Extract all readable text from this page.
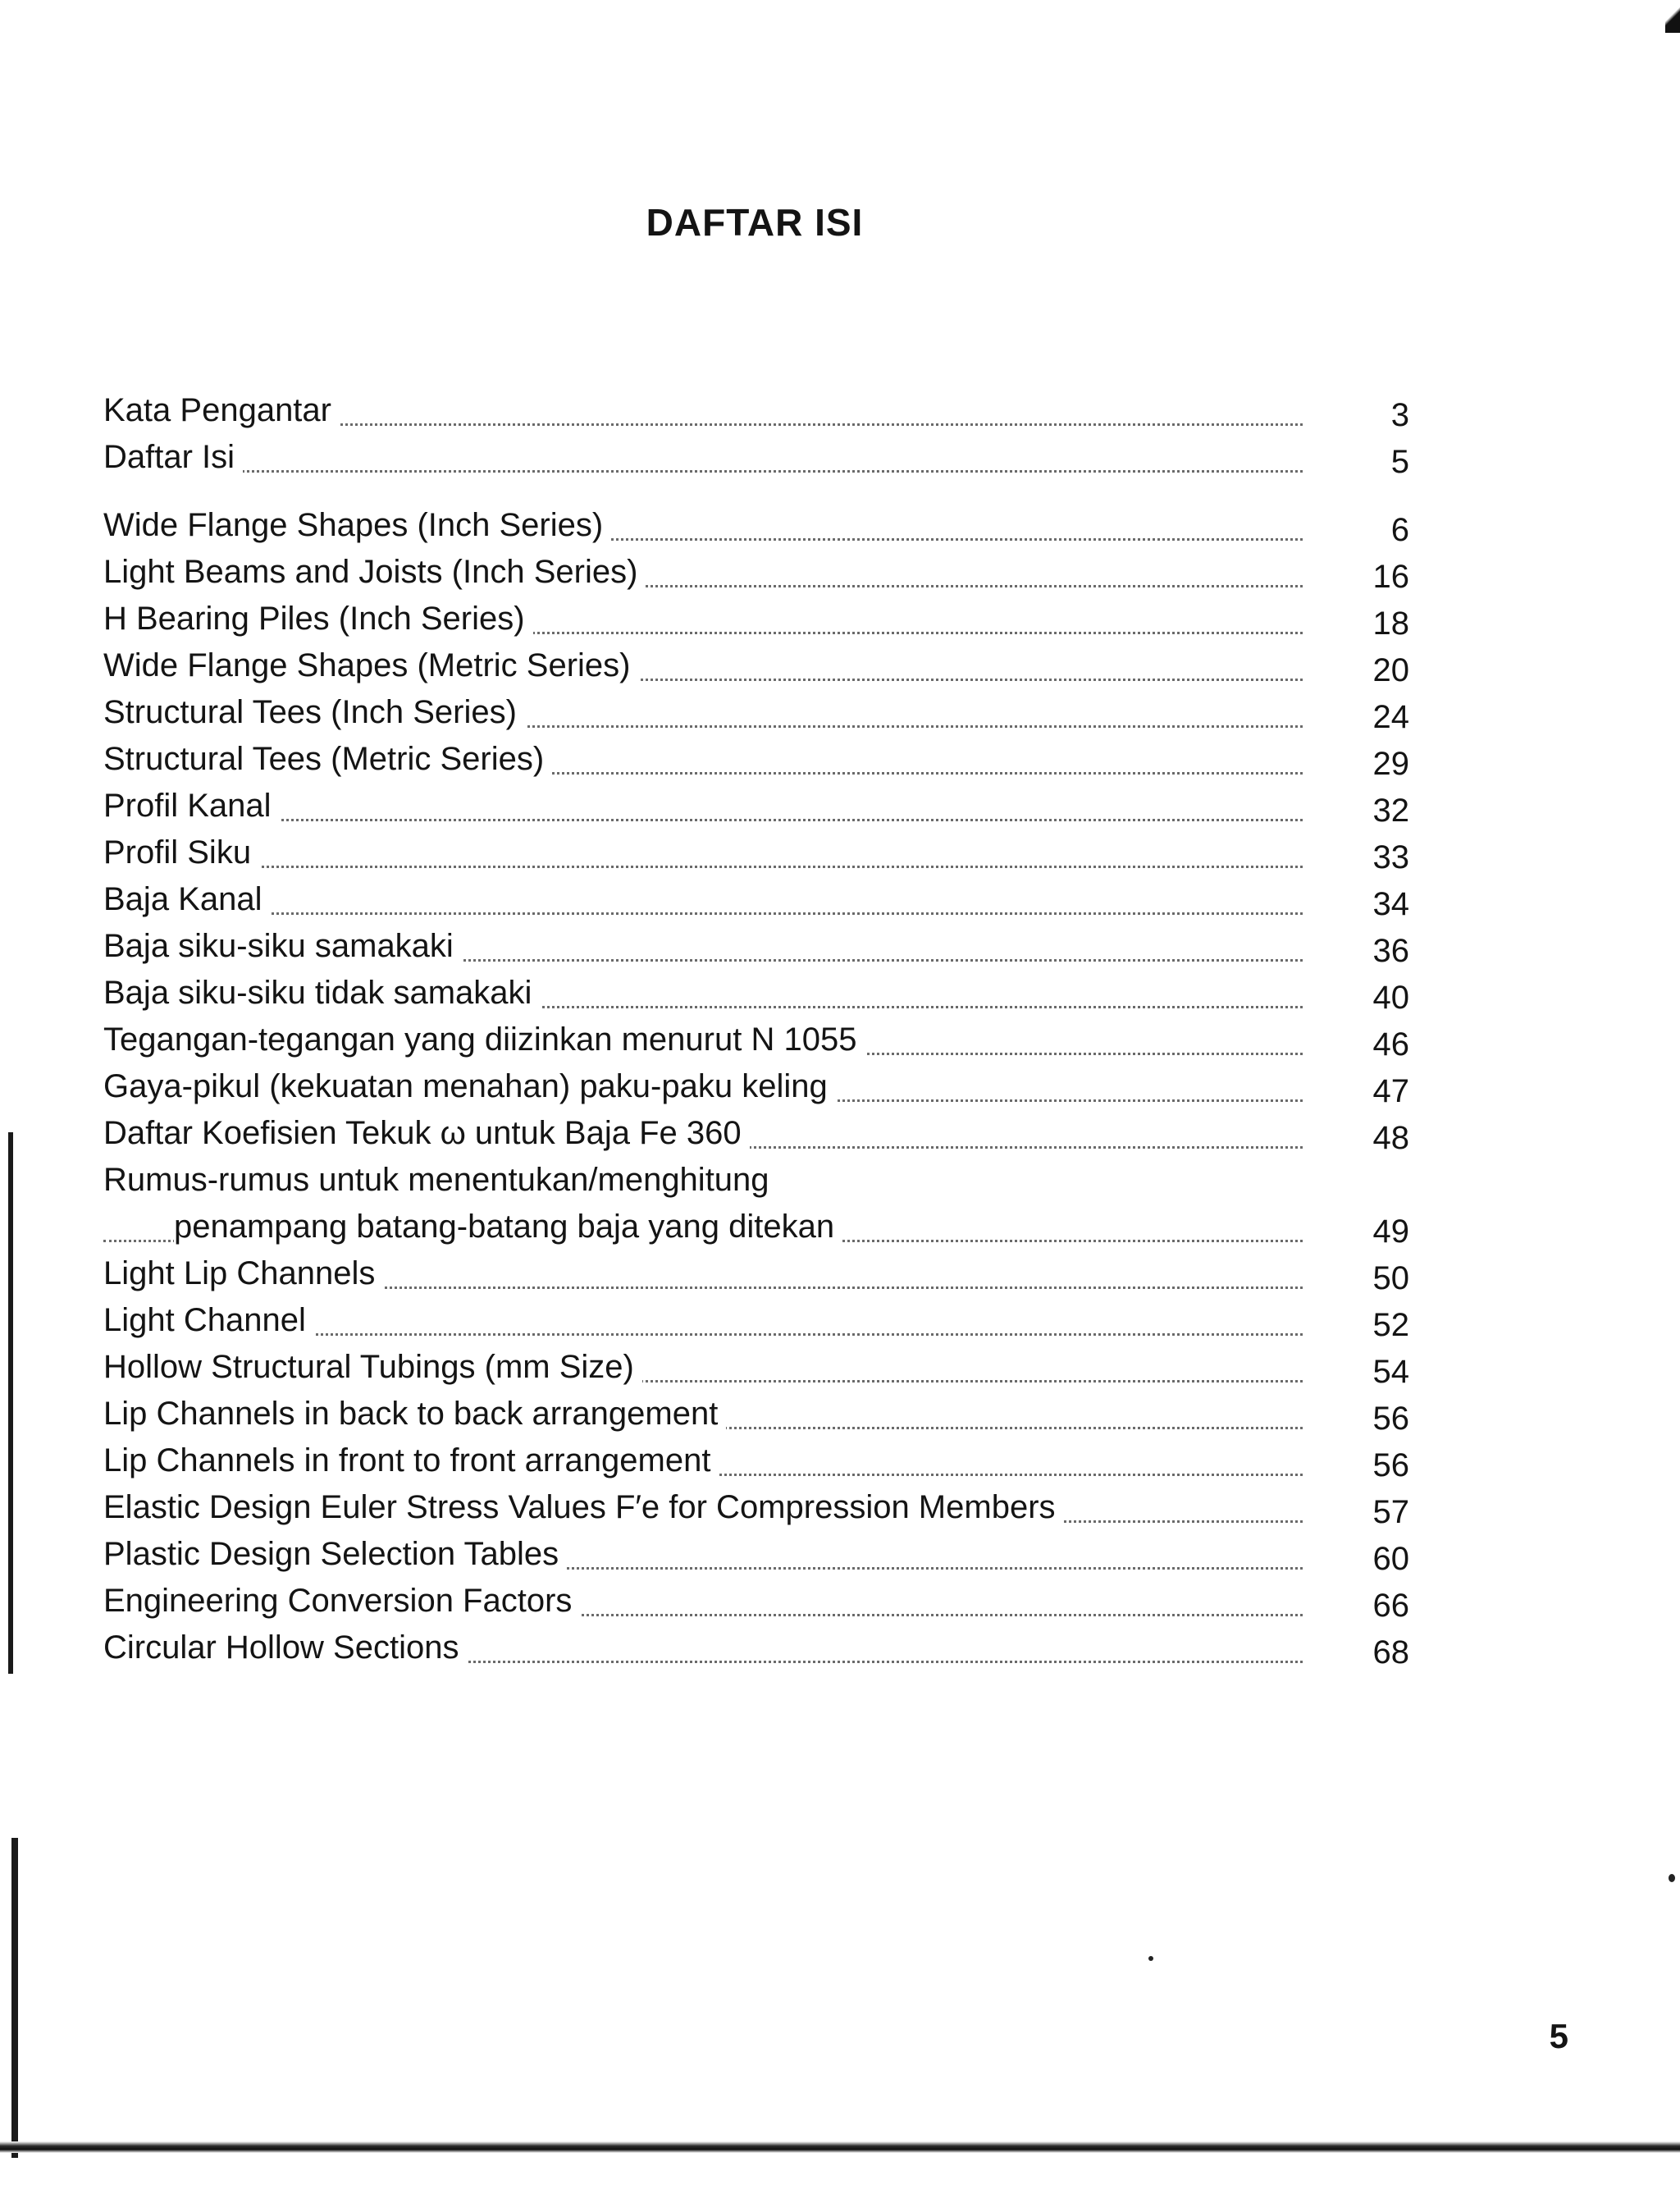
DAFTAR ISI
Kata Pengantar	3
Daftar Isi	5
Wide Flange Shapes (Inch Series)	6
Light Beams and Joists (Inch Series)	16
H Bearing Piles (Inch Series)	18
Wide Flange Shapes (Metric Series)	20
Structural Tees (Inch Series)	24
Structural Tees (Metric Series)	29
Profil Kanal	32
Profil Siku	33
Baja Kanal	34
Baja siku-siku samakaki	36
Baja siku-siku tidak samakaki	40
Tegangan-tegangan yang diizinkan menurut N 1055	46
Gaya-pikul (kekuatan menahan) paku-paku keling	47
Daftar Koefisien Tekuk ω untuk Baja Fe 360	48
Rumus-rumus untuk menentukan/menghitung
penampang batang-batang baja yang ditekan	49
Light Lip Channels	50
Light Channel	52
Hollow Structural Tubings (mm Size)	54
Lip Channels in back to back arrangement	56
Lip Channels in front to front arrangement	56
Elastic Design Euler Stress Values F′e for Compression Members	57
Plastic Design Selection Tables	60
Engineering Conversion Factors	66
Circular Hollow Sections	68
5
